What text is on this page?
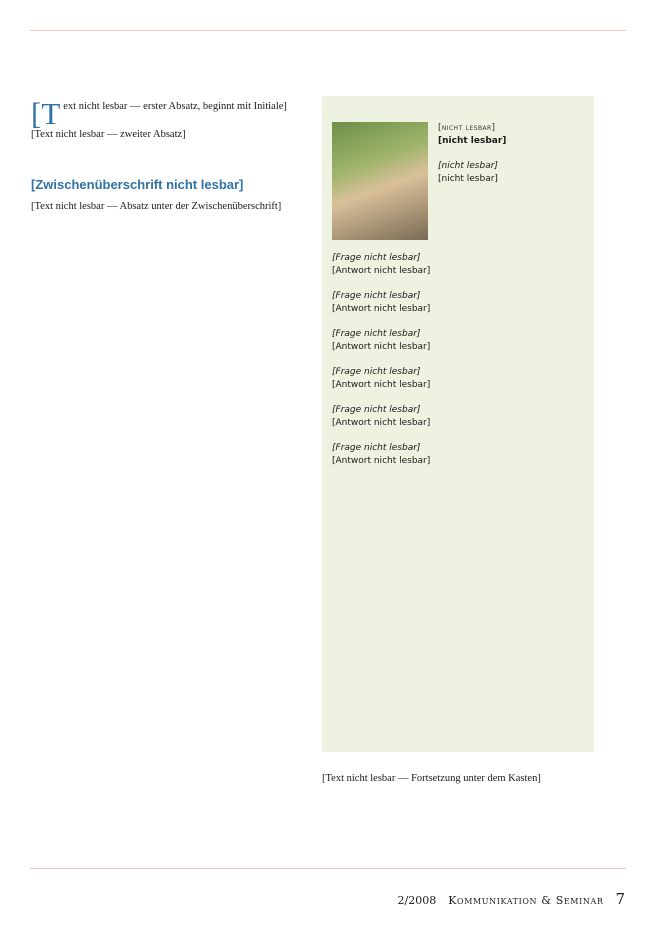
[Text nicht lesbar — erster Absatz, beginnt mit Initiale]

[Text nicht lesbar — zweiter Absatz]

[Zwischenüberschrift nicht lesbar]

[Text nicht lesbar — Absatz unter der Zwischenüberschrift]

[nicht lesbar]
[nicht lesbar]
[nicht lesbar]
[nicht lesbar]
[Frage nicht lesbar]
[Antwort nicht lesbar]
[Frage nicht lesbar]
[Antwort nicht lesbar]
[Frage nicht lesbar]
[Antwort nicht lesbar]
[Frage nicht lesbar]
[Antwort nicht lesbar]
[Frage nicht lesbar]
[Antwort nicht lesbar]
[Frage nicht lesbar]
[Antwort nicht lesbar]

[Text nicht lesbar — Fortsetzung unter dem Kasten]

2/2008 Kommunikation & Seminar 7
